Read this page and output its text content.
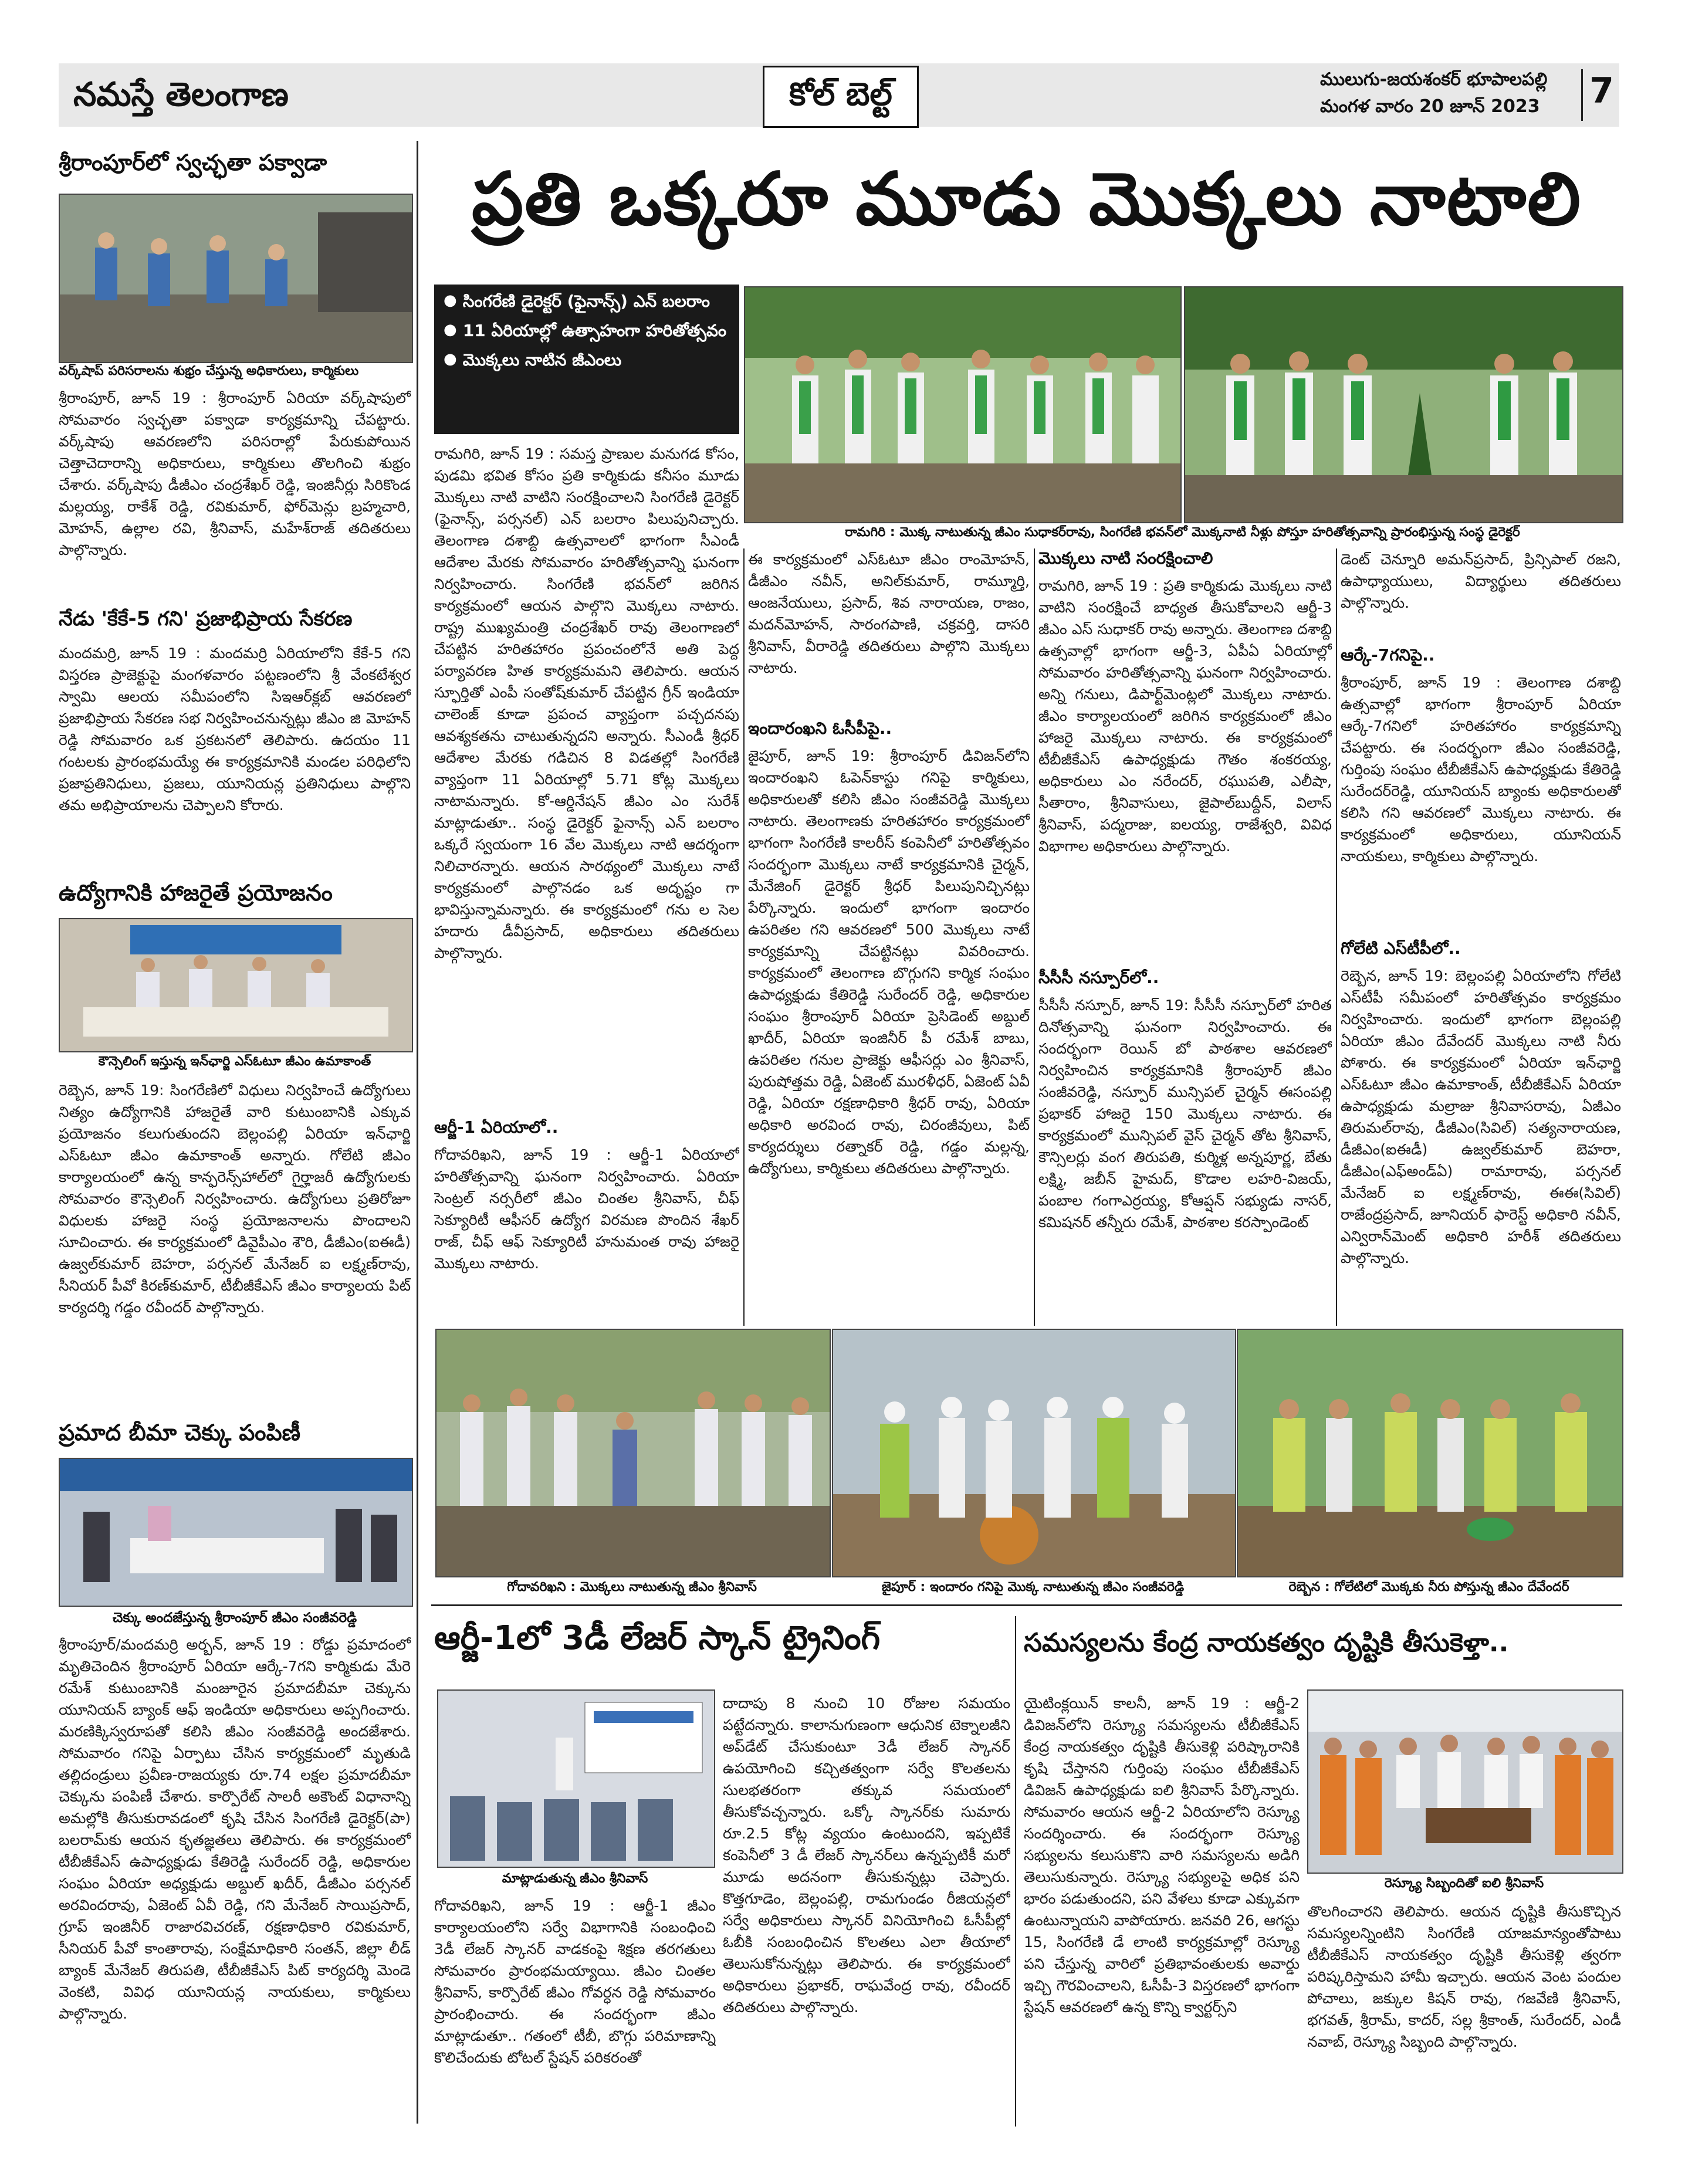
నమస్తే తెలంగాణ	కోల్ బెల్ట్	ములుగు-జయశంకర్ భూపాలపల్లి
మంగళ వారం 20 జూన్ 2023 7
శ్రీరాంపూర్‌లో స్వచ్ఛతా పక్వాడా
వర్క్‌షాప్ పరిసరాలను శుభ్రం చేస్తున్న అధికారులు, కార్మికులు
శ్రీరాంపూర్, జూన్ 19 : శ్రీరాంపూర్ ఏరియా వర్క్‌షాపులో సోమవారం స్వచ్ఛతా పక్వాడా కార్యక్రమాన్ని చేపట్టారు. వర్క్‌షాపు ఆవరణలోని పరిసరాల్లో పేరుకుపోయిన చెత్తాచెదారాన్ని అధికారులు, కార్మికులు తొలగించి శుభ్రం చేశారు. వర్క్‌షాపు డీజీఎం చంద్రశేఖర్ రెడ్డి, ఇంజినీర్లు సిరికొండ మల్లయ్య, రాకేశ్ రెడ్డి, రవికుమార్, ఫోర్‌మెన్లు బ్రహ్మచారి, మోహన్, ఉల్లాల రవి, శ్రీనివాస్, మహేశ్‌రాజ్ తదితరులు పాల్గొన్నారు.
నేడు 'కేకే-5 గని' ప్రజాభిప్రాయ సేకరణ
మందమర్రి, జూన్ 19 : మందమర్రి ఏరియాలోని కేకే-5 గని విస్తరణ ప్రాజెక్టుపై మంగళవారం పట్టణంలోని శ్రీ వేంకటేశ్వర స్వామి ఆలయ సమీపంలోని సిఇఆర్‌క్లబ్ ఆవరణలో ప్రజాభిప్రాయ సేకరణ సభ నిర్వహించనున్నట్లు జీఎం జి మోహన్ రెడ్డి సోమవారం ఒక ప్రకటనలో తెలిపారు. ఉదయం 11 గంటలకు ప్రారంభమయ్యే ఈ కార్యక్రమానికి మండల పరిధిలోని ప్రజాప్రతినిధులు, ప్రజలు, యూనియన్ల ప్రతినిధులు పాల్గొని తమ అభిప్రాయాలను చెప్పాలని కోరారు.
ఉద్యోగానికి హాజరైతే ప్రయోజనం
కౌన్సెలింగ్ ఇస్తున్న ఇన్‌ఛార్జి ఎస్‌ఓటూ జీఎం ఉమాకాంత్
రెబ్బెన, జూన్ 19: సింగరేణిలో విధులు నిర్వహించే ఉద్యోగులు నిత్యం ఉద్యోగానికి హాజరైతే వారి కుటుంబానికి ఎక్కువ ప్రయోజనం కలుగుతుందని బెల్లంపల్లి ఏరియా ఇన్‌ఛార్జి ఎస్‌ఓటూ జీఎం ఉమాకాంత్ అన్నారు. గోలేటి జీఎం కార్యాలయంలో ఉన్న కాన్ఫరెన్స్‌హాల్‌లో గైర్హాజరీ ఉద్యోగులకు సోమవారం కౌన్సెలింగ్ నిర్వహించారు. ఉద్యోగులు ప్రతిరోజూ విధులకు హాజరై సంస్థ ప్రయోజనాలను పొందాలని సూచించారు. ఈ కార్యక్రమంలో డివైపీఎం శౌరి, డీజీఎం(ఐఈడీ) ఉజ్వల్‌కుమార్ బెహరా, పర్సనల్ మేనేజర్ ఐ లక్ష్మణ్‌రావు, సీనియర్ పీవో కిరణ్‌కుమార్, టీబీజీకేఎస్ జీఎం కార్యాలయ పిట్ కార్యదర్శి గడ్డం రవీందర్ పాల్గొన్నారు.
ప్రమాద బీమా చెక్కు పంపిణీ
చెక్కు అందజేస్తున్న శ్రీరాంపూర్ జీఎం సంజీవరెడ్డి
శ్రీరాంపూర్/మందమర్రి అర్బన్, జూన్ 19 : రోడ్డు ప్రమాదంలో మృతిచెందిన శ్రీరాంపూర్ ఏరియా ఆర్కే-7గని కార్మికుడు మేరె రమేశ్ కుటుంబానికి మంజూరైన ప్రమాదబీమా చెక్కును యూనియన్ బ్యాంక్ ఆఫ్ ఇండియా అధికారులు అప్పగించారు. మరణిక్కిస్వరూపతో కలిసి జీఎం సంజీవరెడ్డి అందజేశారు. సోమవారం గనిపై ఏర్పాటు చేసిన కార్యక్రమంలో మృతుడి తల్లిదండ్రులు ప్రవీణ-రాజయ్యకు రూ.74 లక్షల ప్రమాదబీమా చెక్కును పంపిణీ చేశారు. కార్పొరేట్ సాలరీ అకౌంట్ విధానాన్ని అమల్లోకి తీసుకురావడంలో కృషి చేసిన సింగరేణి డైరెక్టర్(పా) బలరామ్‌కు ఆయన కృతజ్ఞతలు తెలిపారు. ఈ కార్యక్రమంలో టీబీజీకేఎస్ ఉపాధ్యక్షుడు కేతిరెడ్డి సురేందర్ రెడ్డి, అధికారుల సంఘం ఏరియా అధ్యక్షుడు అబ్దుల్ ఖదీర్, డీజీఎం పర్సనల్ అరవిందరావు, ఏజెంట్ ఏవీ రెడ్డి, గని మేనేజర్ సాయిప్రసాద్, గ్రూప్ ఇంజినీర్ రాజారవిచరణ్, రక్షణాధికారి రవికుమార్, సీనియర్ పీవో కాంతారావు, సంక్షేమాధికారి సంతన్, జిల్లా లీడ్ బ్యాంక్ మేనేజర్ తిరుపతి, టీబీజీకేఎస్ పిట్ కార్యదర్శి మెండె వెంకటి, వివిధ యూనియన్ల నాయకులు, కార్మికులు పాల్గొన్నారు.
ప్రతి ఒక్కరూ మూడు మొక్కలు నాటాలి
● సింగరేణి డైరెక్టర్ (ఫైనాన్స్) ఎన్ బలరాం
● 11 ఏరియాల్లో ఉత్సాహంగా హరితోత్సవం
● మొక్కలు నాటిన జీఎంలు
రామగిరి : మొక్క నాటుతున్న జీఎం సుధాకర్‌రావు, సింగరేణి భవన్‌లో మొక్కనాటి నీళ్లు పోస్తూ హరితోత్సవాన్ని ప్రారంభిస్తున్న సంస్థ డైరెక్టర్
రామగిరి, జూన్ 19 : సమస్త ప్రాణుల మనుగడ కోసం, పుడమి భవిత కోసం ప్రతి కార్మికుడు కనీసం మూడు మొక్కలు నాటి వాటిని సంరక్షించాలని సింగరేణి డైరెక్టర్ (ఫైనాన్స్, పర్సనల్) ఎన్ బలరాం పిలుపునిచ్చారు. తెలంగాణ దశాబ్ది ఉత్సవాలలో భాగంగా సీఎండీ ఆదేశాల మేరకు సోమవారం హరితోత్సవాన్ని ఘనంగా నిర్వహించారు. సింగరేణి భవన్‌లో జరిగిన కార్యక్రమంలో ఆయన పాల్గొని మొక్కలు నాటారు. రాష్ట్ర ముఖ్యమంత్రి చంద్రశేఖర్ రావు తెలంగాణలో చేపట్టిన హరితహారం ప్రపంచంలోనే అతి పెద్ద పర్యావరణ హిత కార్యక్రమమని తెలిపారు. ఆయన స్ఫూర్తితో ఎంపీ సంతోష్‌కుమార్ చేపట్టిన గ్రీన్ ఇండియా చాలెంజ్ కూడా ప్రపంచ వ్యాప్తంగా పచ్చదనపు ఆవశ్యకతను చాటుతున్నదని అన్నారు. సీఎండీ శ్రీధర్ ఆదేశాల మేరకు గడిచిన 8 విడతల్లో సింగరేణి వ్యాప్తంగా 11 ఏరియాల్లో 5.71 కోట్ల మొక్కలు నాటామన్నారు. కో-ఆర్డినేషన్ జీఎం ఎం సురేశ్ మాట్లాడుతూ.. సంస్థ డైరెక్టర్ ఫైనాన్స్ ఎన్ బలరాం ఒక్కరే స్వయంగా 16 వేల మొక్కలు నాటి ఆదర్శంగా నిలిచారన్నారు. ఆయన సారథ్యంలో మొక్కలు నాటే కార్యక్రమంలో పాల్గొనడం ఒక అదృష్టం గా భావిస్తున్నామన్నారు. ఈ కార్యక్రమంలో గను ల సెల హదారు డీవీప్రసాద్, అధికారులు తదితరులు పాల్గొన్నారు.
ఆర్జీ-1 ఏరియాలో..
గోదావరిఖని, జూన్ 19 : ఆర్జీ-1 ఏరియాలో హరితోత్సవాన్ని ఘనంగా నిర్వహించారు. ఏరియా సెంట్రల్ నర్సరీలో జీఎం చింతల శ్రీనివాస్, చీఫ్ సెక్యూరిటీ ఆఫీసర్ ఉద్యోగ విరమణ పొందిన శేఖర్ రాజ్, చీఫ్ ఆఫ్ సెక్యూరిటీ హనుమంత రావు హాజరై మొక్కలు నాటారు.
ఈ కార్యక్రమంలో ఎస్‌ఓటూ జీఎం రాంమోహన్, డీజీఎం నవీన్, అనిల్‌కుమార్, రామ్మూర్తి, ఆంజనేయులు, ప్రసాద్, శివ నారాయణ, రాజం, మదన్‌మోహన్, సారంగపాణి, చక్రవర్తి, దాసరి శ్రీనివాస్, వీరారెడ్డి తదితరులు పాల్గొని మొక్కలు నాటారు.
ఇందారంఖని ఓసీపీపై..
జైపూర్, జూన్ 19: శ్రీరాంపూర్ డివిజన్‌లోని ఇందారంఖని ఓపెన్‌కాస్టు గనిపై కార్మికులు, అధికారులతో కలిసి జీఎం సంజీవరెడ్డి మొక్కలు నాటారు. తెలంగాణకు హరితహారం కార్యక్రమంలో భాగంగా సింగరేణి కాలరీస్ కంపెనీలో హరితోత్సవం సందర్భంగా మొక్కలు నాటే కార్యక్రమానికి చైర్మన్, మేనేజింగ్ డైరెక్టర్ శ్రీధర్ పిలుపునిచ్చినట్లు పేర్కొన్నారు. ఇందులో భాగంగా ఇందారం ఉపరితల గని ఆవరణలో 500 మొక్కలు నాటే కార్యక్రమాన్ని చేపట్టినట్లు వివరించారు. కార్యక్రమంలో తెలంగాణ బొగ్గుగని కార్మిక సంఘం ఉపాధ్యక్షుడు కేతిరెడ్డి సురేందర్ రెడ్డి, అధికారుల సంఘం శ్రీరాంపూర్ ఏరియా ప్రెసిడెంట్ అబ్దుల్ ఖాదీర్, ఏరియా ఇంజినీర్ పీ రమేశ్ బాబు, ఉపరితల గనుల ప్రాజెక్టు ఆఫీసర్లు ఎం శ్రీనివాస్, పురుషోత్తమ రెడ్డి, ఏజెంట్ మురళీధర్, ఏజెంట్ ఏవీ రెడ్డి, ఏరియా రక్షణాధికారి శ్రీధర్ రావు, ఏరియా అధికారి అరవింద రావు, చిరంజీవులు, పిట్ కార్యదర్శులు రత్నాకర్ రెడ్డి, గడ్డం మల్లన్న, ఉద్యోగులు, కార్మికులు తదితరులు పాల్గొన్నారు.
మొక్కలు నాటి సంరక్షించాలి
రామగిరి, జూన్ 19 : ప్రతి కార్మికుడు మొక్కలు నాటి వాటిని సంరక్షించే బాధ్యత తీసుకోవాలని ఆర్జీ-3 జీఎం ఎస్ సుధాకర్ రావు అన్నారు. తెలంగాణ దశాబ్ది ఉత్సవాల్లో భాగంగా ఆర్జీ-3, ఏపీఏ ఏరియాల్లో సోమవారం హరితోత్సవాన్ని ఘనంగా నిర్వహించారు. అన్ని గనులు, డిపార్ట్‌మెంట్లలో మొక్కలు నాటారు. జీఎం కార్యాలయంలో జరిగిన కార్యక్రమంలో జీఎం హాజరై మొక్కలు నాటారు. ఈ కార్యక్రమంలో టీబీజీకేఎస్ ఉపాధ్యక్షుడు గౌతం శంకరయ్య, అధికారులు ఎం నరేందర్, రఘుపతి, ఎలీషా, సీతారాం, శ్రీనివాసులు, జైపాల్‌బుద్దీన్, విలాస్ శ్రీనివాస్, పద్మరాజు, ఐలయ్య, రాజేశ్వరి, వివిధ విభాగాల అధికారులు పాల్గొన్నారు.
సీసీసీ నస్పూర్‌లో..
సీసీసీ నస్పూర్, జూన్ 19: సీసీసీ నస్పూర్‌లో హరిత దినోత్సవాన్ని ఘనంగా నిర్వహించారు. ఈ సందర్భంగా రెయిన్ బో పాఠశాల ఆవరణలో నిర్వహించిన కార్యక్రమానికి శ్రీరాంపూర్ జీఎం సంజీవరెడ్డి, నస్పూర్ మున్సిపల్ చైర్మన్ ఈసంపల్లి ప్రభాకర్ హాజరై 150 మొక్కలు నాటారు. ఈ కార్యక్రమంలో మున్సిపల్ వైస్ చైర్మన్ తోట శ్రీనివాస్, కౌన్సిలర్లు వంగ తిరుపతి, కుర్మిళ్ల అన్నపూర్ణ, బేతు లక్ష్మి, జబీన్ హైమద్, కొడాల లహరి-విజయ్, పంబాల గంగాఎర్రయ్య, కోఆప్షన్ సభ్యుడు నాసర్, కమిషనర్ తన్నీరు రమేశ్, పాఠశాల కరస్పాండెంట్
డెంట్ చెన్నూరి అమన్‌ప్రసాద్, ప్రిన్సిపాల్ రజని, ఉపాధ్యాయులు, విద్యార్థులు తదితరులు పాల్గొన్నారు.
ఆర్కే-7గనిపై..
శ్రీరాంపూర్, జూన్ 19 : తెలంగాణ దశాబ్ది ఉత్సవాల్లో భాగంగా శ్రీరాంపూర్ ఏరియా ఆర్కే-7గనిలో హరితహారం కార్యక్రమాన్ని చేపట్టారు. ఈ సందర్భంగా జీఎం సంజీవరెడ్డి, గుర్తింపు సంఘం టీబీజీకేఎస్ ఉపాధ్యక్షుడు కేతిరెడ్డి సురేందర్‌రెడ్డి, యూనియన్ బ్యాంకు అధికారులతో కలిసి గని ఆవరణలో మొక్కలు నాటారు. ఈ కార్యక్రమంలో అధికారులు, యూనియన్ నాయకులు, కార్మికులు పాల్గొన్నారు.
గోలేటి ఎస్‌టీపీలో..
రెబ్బెన, జూన్ 19: బెల్లంపల్లి ఏరియాలోని గోలేటి ఎస్‌టీపీ సమీపంలో హరితోత్సవం కార్యక్రమం నిర్వహించారు. ఇందులో భాగంగా బెల్లంపల్లి ఏరియా జీఎం దేవేందర్ మొక్కలు నాటి నీరు పోశారు. ఈ కార్యక్రమంలో ఏరియా ఇన్‌ఛార్జి ఎస్‌ఓటూ జీఎం ఉమాకాంత్, టీబీజీకేఎస్ ఏరియా ఉపాధ్యక్షుడు మల్రాజు శ్రీనివాసరావు, ఏజీఎం తిరుమల్‌రావు, డీజీఎం(సివిల్) సత్యనారాయణ, డీజీఎం(ఐఈడీ) ఉజ్వల్‌కుమార్ బెహరా, డీజీఎం(ఎఫ్‌అండ్‌ఏ) రామారావు, పర్సనల్ మేనేజర్ ఐ లక్ష్మణ్‌రావు, ఈఈ(సివిల్) రాజేంద్రప్రసాద్, జూనియర్ ఫారెస్ట్ అధికారి నవీన్, ఎన్విరాన్‌మెంట్ అధికారి హరీశ్ తదితరులు పాల్గొన్నారు.
గోదావరిఖని : మొక్కలు నాటుతున్న జీఎం శ్రీనివాస్	జైపూర్ : ఇందారం గనిపై మొక్క నాటుతున్న జీఎం సంజీవరెడ్డి	రెబ్బెన : గోలేటిలో మొక్కకు నీరు పోస్తున్న జీఎం దేవేందర్
ఆర్జీ-1లో 3డీ లేజర్ స్కాన్ ట్రైనింగ్
మాట్లాడుతున్న జీఎం శ్రీనివాస్
గోదావరిఖని, జూన్ 19 : ఆర్జీ-1 జీఎం కార్యాలయంలోని సర్వే విభాగానికి సంబంధించి 3డీ లేజర్ స్కానర్ వాడకంపై శిక్షణ తరగతులు సోమవారం ప్రారంభమయ్యాయి. జీఎం చింతల శ్రీనివాస్, కార్పొరేట్ జీఎం గోవర్ధన రెడ్డి సోమవారం ప్రారంభించారు. ఈ సందర్భంగా జీఎం మాట్లాడుతూ.. గతంలో టీబీ, బొగ్గు పరిమాణాన్ని కొలిచేందుకు టోటల్ స్టేషన్ పరికరంతో
దాదాపు 8 నుంచి 10 రోజుల సమయం పట్టేదన్నారు. కాలానుగుణంగా ఆధునిక టెక్నాలజీని అప్‌డేట్ చేసుకుంటూ 3డీ లేజర్ స్కానర్ ఉపయోగించి కచ్చితత్వంగా సర్వే కొలతలను సులభతరంగా తక్కువ సమయంలో తీసుకోవచ్చన్నారు. ఒక్కో స్కానర్‌కు సుమారు రూ.2.5 కోట్ల వ్యయం ఉంటుందని, ఇప్పటికే కంపెనీలో 3 డీ లేజర్ స్కానర్‌లు ఉన్నప్పటికీ మరో మూడు అదనంగా తీసుకున్నట్లు చెప్పారు. కొత్తగూడెం, బెల్లంపల్లి, రామగుండం రీజియన్లలో సర్వే అధికారులు స్కానర్ వినియోగించి ఓసీపీల్లో ఓబీకి సంబంధించిన కొలతలు ఎలా తీయాలో తెలుసుకోనున్నట్లు తెలిపారు. ఈ కార్యక్రమంలో అధికారులు ప్రభాకర్, రాఘవేంద్ర రావు, రవీందర్ తదితరులు పాల్గొన్నారు.
సమస్యలను కేంద్ర నాయకత్వం దృష్టికి తీసుకెళ్తా..
రెస్క్యూ సిబ్బందితో ఐలి శ్రీనివాస్
యైటింక్లయిన్ కాలనీ, జూన్ 19 : ఆర్జీ-2 డివిజన్‌లోని రెస్క్యూ సమస్యలను టీబీజీకేఎస్ కేంద్ర నాయకత్వం దృష్టికి తీసుకెళ్లి పరిష్కారానికి కృషి చేస్తానని గుర్తింపు సంఘం టీబీజీకేఎస్ డివిజన్ ఉపాధ్యక్షుడు ఐలి శ్రీనివాస్ పేర్కొన్నారు. సోమవారం ఆయన ఆర్జీ-2 ఏరియాలోని రెస్క్యూ సందర్శించారు. ఈ సందర్భంగా రెస్క్యూ సభ్యులను కలుసుకొని వారి సమస్యలను అడిగి తెలుసుకున్నారు. రెస్క్యూ సభ్యులపై అధిక పని భారం పడుతుందని, పని వేళలు కూడా ఎక్కువగా ఉంటున్నాయని వాపోయారు. జనవరి 26, ఆగస్టు 15, సింగరేణి డే లాంటి కార్యక్రమాల్లో రెస్క్యూ పని చేస్తున్న వారిలో ప్రతిభావంతులకు అవార్డు ఇచ్చి గౌరవించాలని, ఓసీపీ-3 విస్తరణలో భాగంగా స్టేషన్ ఆవరణలో ఉన్న కొన్ని క్వార్టర్స్‌ని
తొలగించారని తెలిపారు. ఆయన దృష్టికి తీసుకొచ్చిన సమస్యలన్నింటిని సింగరేణి యాజమాన్యంతోపాటు టీబీజీకేఎస్ నాయకత్వం దృష్టికి తీసుకెళ్లి త్వరగా పరిష్కరిస్తామని హామీ ఇచ్చారు. ఆయన వెంట పందుల పోచాలు, జక్కుల కిషన్ రావు, గజవేణి శ్రీనివాస్, భగవత్, శ్రీరామ్, కాదర్, సల్ల శ్రీకాంత్, సురేందర్, ఎండీ నవాబ్, రెస్క్యూ సిబ్బంది పాల్గొన్నారు.
